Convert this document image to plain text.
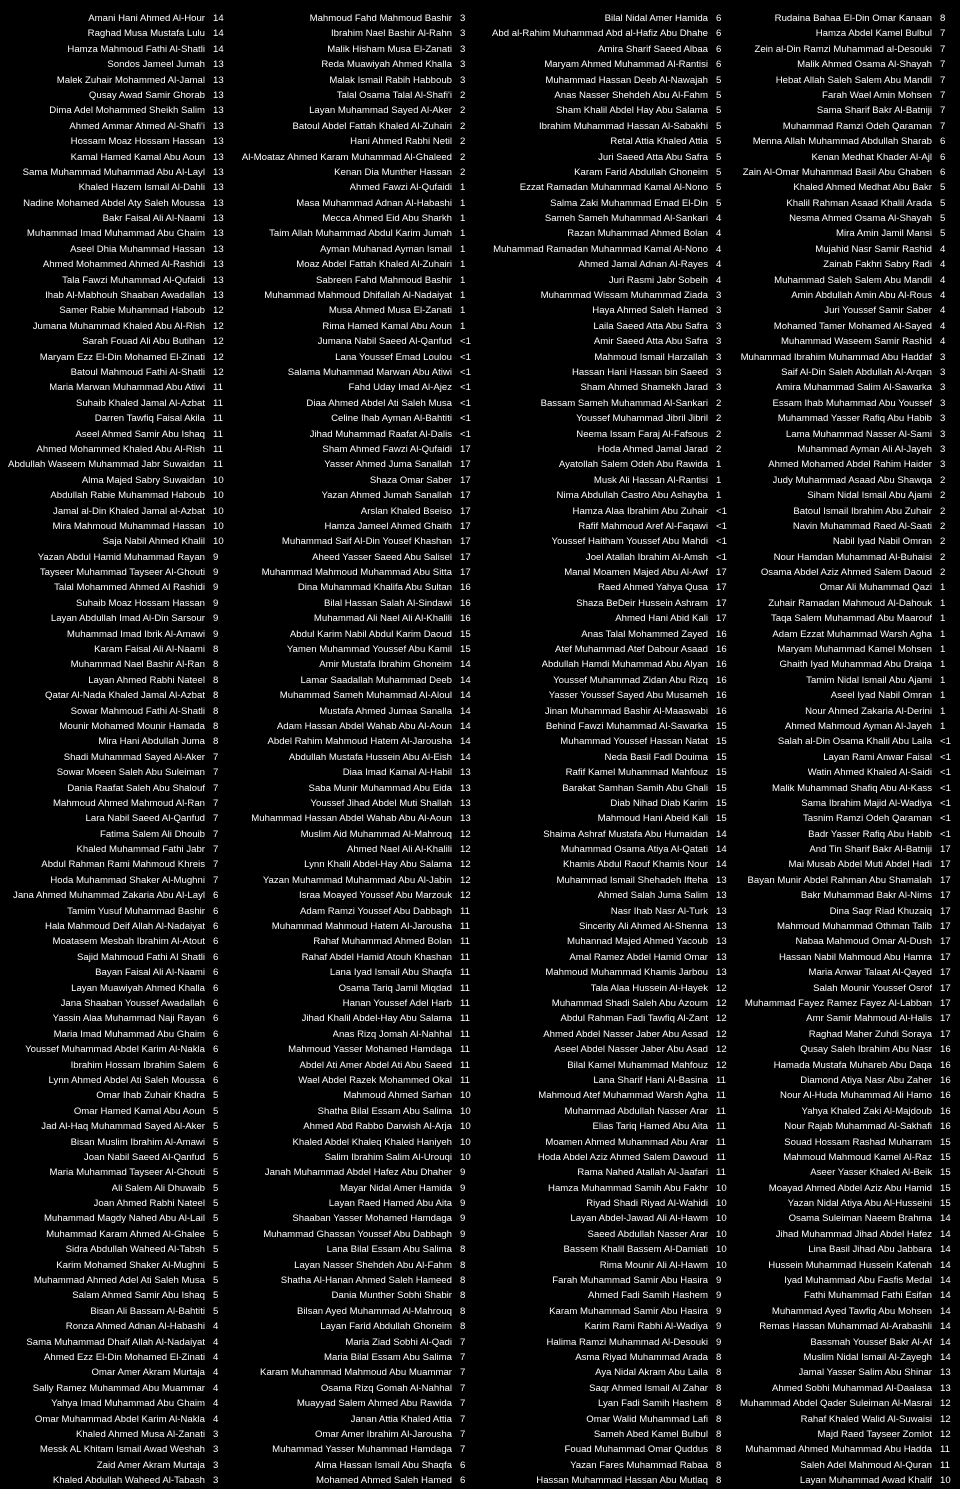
Amani Hani Ahmed Al-Hour 14
Raghad Musa Mustafa Lulu 14
Hamza Mahmoud Fathi Al-Shatli 14
Sondos Jameel Jumah 13
Malek Zuhair Mohammed Al-Jamal 13
Qusay Awad Samir Ghorab 13
Dima Adel Mohammed Sheikh Salim 13
Ahmed Ammar Ahmed Al-Shafi'i 13
Hossam Moaz Hossam Hassan 13
Kamal Hamed Kamal Abu Aoun 13
Sama Muhammad Muhammad Abu Al-Layl 13
Khaled Hazem Ismail Al-Dahli 13
Nadine Mohamed Abdel Aty Saleh Moussa 13
Bakr Faisal Ali Al-Naami 13
Muhammad Imad Muhammad Abu Ghaim 13
Aseel Dhia Muhammad Hassan 13
Ahmed Mohammed Ahmed Al-Rashidi 13
Tala Fawzi Muhammad Al-Qufaidi 13
Ihab Al-Mabhouh Shaaban Awadallah 13
Samer Rabie Muhammad Haboub 12
Jumana Muhammad Khaled Abu Al-Rish 12
Sarah Fouad Ali Abu Butihan 12
Maryam Ezz El-Din Mohamed El-Zinati 12
Batoul Mahmoud Fathi Al-Shatli 12
Maria Marwan Muhammad Abu Atiwi 11
Suhaib Khaled Jamal Al-Azbat 11
Darren Tawfiq Faisal Akila 11
Aseel Ahmed Samir Abu Ishaq 11
Ahmed Mohammed Khaled Abu Al-Rish 11
Abdullah Waseem Muhammad Jabr Suwaidan 11
Alma Majed Sabry Suwaidan 10
Abdullah Rabie Muhammad Haboub 10
Jamal al-Din Khaled Jamal al-Azbat 10
Mira Mahmoud Muhammad Hassan 10
Saja Nabil Ahmed Khalil 10
Yazan Abdul Hamid Muhammad Rayan 9
Tayseer Muhammad Tayseer Al-Ghouti 9
Talal Mohammed Ahmed Al Rashidi 9
Suhaib Moaz Hossam Hassan 9
Layan Abdullah Imad Al-Din Sarsour 9
Muhammad Imad Ibrik Al-Amawi 9
Karam Faisal Ali Al-Naami 8
Muhammad Nael Bashir Al-Ran 8
Layan Ahmed Rabhi Nateel 8
Qatar Al-Nada Khaled Jamal Al-Azbat 8
Sowar Mahmoud Fathi Al-Shatli 8
Mounir Mohamed Mounir Hamada 8
Mira Hani Abdullah Juma 8
Shadi Muhammad Sayed Al-Aker 7
Sowar Moeen Saleh Abu Suleiman 7
Dania Raafat Saleh Abu Shalouf 7
Mahmoud Ahmed Mahmoud Al-Ran 7
Lara Nabil Saeed Al-Qanfud 7
Fatima Salem Ali Dhouib 7
Khaled Muhammad Fathi Jabr 7
Abdul Rahman Rami Mahmoud Khreis 7
Hoda Muhammad Shaker Al-Mughni 7
Jana Ahmed Muhammad Zakaria Abu Al-Layl 6
Tamim Yusuf Muhammad Bashir 6
Hala Mahmoud Deif Allah Al-Nadaiyat 6
Moatasem Mesbah Ibrahim Al-Atout 6
Sajid Mahmoud Fathi Al Shatli 6
Bayan Faisal Ali Al-Naami 6
Layan Muawiyah Ahmed Khalla 6
Jana Shaaban Youssef Awadallah 6
Yassin Alaa Muhammad Naji Rayan 6
Maria Imad Muhammad Abu Ghaim 6
Youssef Muhammad Abdel Karim Al-Nakla 6
Ibrahim Hossam Ibrahim Salem 6
Lynn Ahmed Abdel Ati Saleh Moussa 6
Omar Ihab Zuhair Khadra 5
Omar Hamed Kamal Abu Aoun 5
Jad Al-Haq Muhammad Sayed Al-Aker 5
Bisan Muslim Ibrahim Al-Amawi 5
Joan Nabil Saeed Al-Qanfud 5
Maria Muhammad Tayseer Al-Ghouti 5
Ali Salem Ali Dhuwaib 5
Joan Ahmed Rabhi Nateel 5
Muhammad Magdy Nahed Abu Al-Lail 5
Muhammad Karam Ahmed Al-Ghalee 5
Sidra Abdullah Waheed Al-Tabsh 5
Karim Mohamed Shaker Al-Mughni 5
Muhammad Ahmed Adel Ati Saleh Musa 5
Salam Ahmed Samir Abu Ishaq 5
Bisan Ali Bassam Al-Bahtiti 5
Ronza Ahmed Adnan Al-Habashi 4
Sama Muhammad Dhaif Allah Al-Nadaiyat 4
Ahmed Ezz El-Din Mohamed El-Zinati 4
Omar Amer Akram Murtaja 4
Sally Ramez Muhammad Abu Muammar 4
Yahya Imad Muhammad Abu Ghaim 4
Omar Muhammad Abdel Karim Al-Nakla 4
Khaled Ahmed Musa Al-Zanati 3
Messk AL Khitam Ismail Awad Weshah 3
Zaid Amer Akram Murtaja 3
Khaled Abdullah Waheed Al-Tabash 3
Mahmoud Fahd Mahmoud Bashir 3
Ibrahim Nael Bashir Al-Rahn 3
Malik Hisham Musa El-Zanati 3
Reda Muawiyah Ahmed Khalla 3
Malak Ismail Rabih Habboub 3
Talal Osama Talal Al-Shafi'i 2
Layan Muhammad Sayed Al-Aker 2
Batoul Abdel Fattah Khaled Al-Zuhairi 2
Hani Ahmed Rabhi Netil 2
Al-Moataz Ahmed Karam Muhammad Al-Ghaleed 2
Kenan Dia Munther Hassan 2
Ahmed Fawzi Al-Qufaidi 1
Masa Muhammad Adnan Al-Habashi 1
Mecca Ahmed Eid Abu Sharkh 1
Taim Allah Muhammad Abdul Karim Jumah 1
Ayman Muhanad Ayman Ismail 1
Moaz Abdel Fattah Khaled Al-Zuhairi 1
Sabreen Fahd Mahmoud Bashir 1
Muhammad Mahmoud Dhifallah Al-Nadaiyat 1
Musa Ahmed Musa El-Zanati 1
Rima Hamed Kamal Abu Aoun 1
Jumana Nabil Saeed Al-Qanfud <1
Lana Youssef Emad Loulou <1
Salama Muhammad Marwan Abu Atiwi <1
Fahd Uday Imad Al-Ajez <1
Diaa Ahmed Abdel Ati Saleh Musa <1
Celine Ihab Ayman Al-Bahtiti <1
Jihad Muhammad Raafat Al-Dalis <1
Sham Ahmed Fawzi Al-Qufaidi 17
Yasser Ahmed Juma Sanallah 17
Shaza Omar Saber 17
Yazan Ahmed Jumah Sanallah 17
Arslan Khaled Bseiso 17
Hamza Jameel Ahmed Ghaith 17
Muhammad Saif Al-Din Yousef Khashan 17
Aheed Yasser Saeed Abu Salisel 17
Muhammad Mahmoud Muhammad Abu Sitta 17
Dina Muhammad Khalifa Abu Sultan 16
Bilal Hassan Salah Al-Sindawi 16
Muhammad Ali Nael Ali Al-Khalili 16
Abdul Karim Nabil Abdul Karim Daoud 15
Yamen Muhammad Youssef Abu Kamil 15
Amir Mustafa Ibrahim Ghoneim 14
Lamar Saadallah Muhammad Deeb 14
Muhammad Sameh Muhammad Al-Aloul 14
Mustafa Ahmed Jumaa Sanalla 14
Adam Hassan Abdel Wahab Abu Al-Aoun 14
Abdel Rahim Mahmoud Hatem Al-Jaroushа 14
Abdullah Mustafa Hussein Abu Al-Eish 14
Diaa Imad Kamal Al-Habil 13
Saba Munir Muhammad Abu Eida 13
Youssef Jihad Abdel Muti Shallah 13
Muhammad Hassan Abdel Wahab Abu Al-Aoun 13
Muslim Aid Muhammad Al-Mahrouq 12
Ahmed Nael Ali Al-Khalili 12
Lynn Khalil Abdel-Hay Abu Salama 12
Yazan Muhammad Muhammad Abu Al-Jabin 12
Israa Moayed Youssef Abu Marzouk 12
Adam Ramzi Youssef Abu Dabbagh 11
Muhammad Mahmoud Hatem Al-Jaroushа 11
Rahaf Muhammad Ahmed Bolan 11
Rahaf Abdel Hamid Atouh Khashan 11
Lana Iyad Ismail Abu Shaqfa 11
Osama Tariq Jamil Miqdad 11
Hanan Youssef Adel Harb 11
Jihad Khalil Abdel-Hay Abu Salama 11
Anas Rizq Jomah Al-Nahhal 11
Mahmoud Yasser Mohamed Hamdaga 11
Abdel Ati Amer Abdel Ati Abu Saeed 11
Wael Abdel Razek Mohammed Okal 11
Mahmoud Ahmed Sarhan 10
Shatha Bilal Essam Abu Salima 10
Ahmed Abd Rabbo Darwish Al-Arja 10
Khaled Abdel Khaleq Khaled Haniyeh 10
Salim Ibrahim Salim Al-Urouqi 10
Janah Muhammad Abdel Hafez Abu Dhaher 9
Mayar Nidal Amer Hamida 9
Layan Raed Hamed Abu Aita 9
Shaaban Yasser Mohamed Hamdaga 9
Muhammad Ghassan Youssef Abu Dabbagh 9
Lana Bilal Essam Abu Salima 8
Layan Nasser Shehdeh Abu Al-Fahm 8
Shatha Al-Hanan Ahmed Saleh Hameed 8
Dania Munther Sobhi Shabir 8
Bilsan Ayed Muhammad Al-Mahrouq 8
Layan Farid Abdullah Ghoneim 8
Maria Ziad Sobhi Al-Qadi 7
Maria Bilal Essam Abu Salima 7
Karam Muhammad Mahmoud Abu Muammar 7
Osama Rizq Gomah Al-Nahhal 7
Muayyad Salem Ahmed Abu Rawida 7
Janan Attia Khaled Attia 7
Omar Amer Ibrahim Al-Jaroushа 7
Muhammad Yasser Muhammad Hamdaga 7
Alma Hassan Ismail Abu Shaqfa 6
Mohamed Ahmed Saleh Hamed 6
Bilal Nidal Amer Hamida 6
Abd al-Rahim Muhammad Abd al-Hafiz Abu Dhahe 6
Amira Sharif Saeed Albaa 6
Maryam Ahmed Muhammad Al-Rantisi 6
Muhammad Hassan Deeb Al-Nawajah 5
Anas Nasser Shehdeh Abu Al-Fahm 5
Sham Khalil Abdel Hay Abu Salama 5
Ibrahim Muhammad Hassan Al-Sabakhi 5
Retal Attia Khaled Attia 5
Juri Saeed Atta Abu Safra 5
Karam Farid Abdullah Ghoneim 5
Ezzat Ramadan Muhammad Kamal Al-Nono 5
Salma Zaki Muhammad Emad El-Din 5
Sameh Sameh Muhammad Al-Sankari 4
Razan Muhammad Ahmed Bolan 4
Muhammad Ramadan Muhammad Kamal Al-Nono 4
Ahmed Jamal Adnan Al-Rayes 4
Juri Rasmi Jabr Sobeih 4
Muhammad Wissam Muhammad Ziada 3
Haya Ahmed Saleh Hamed 3
Laila Saeed Atta Abu Safra 3
Amir Saeed Atta Abu Safra 3
Mahmoud Ismail Harzallah 3
Hassan Hani Hassan bin Saeed 3
Sham Ahmed Shamekh Jarad 3
Bassam Sameh Muhammad Al-Sankari 2
Youssef Muhammad Jibril Jibril 2
Neema Issam Faraj Al-Fafsous 2
Hoda Ahmed Jamal Jarad 2
Ayatollah Salem Odeh Abu Rawida 1
Musk Ali Hassan Al-Rantisi 1
Nima Abdullah Castro Abu Ashayba 1
Hamza Alaa Ibrahim Abu Zuhair <1
Rafif Mahmoud Aref Al-Faqawi <1
Youssef Haitham Youssef Abu Mahdi <1
Joel Atallah Ibrahim Al-Amsh <1
Manal Moamen Majed Abu Al-Awf 17
Raed Ahmed Yahya Qusa 17
Shaza BeDeir Hussein Ashram 17
Ahmed Hani Abid Kali 17
Anas Talal Mohammed Zayed 16
Atef Muhammad Atef Dabour Asaad 16
Abdullah Hamdi Muhammad Abu Alyan 16
Youssef Muhammad Zidan Abu Rizq 16
Yasser Youssef Sayed Abu Musameh 16
Jinan Muhammad Bashir Al-Maaswabi 16
Behind Fawzi Muhammad Al-Sawarka 15
Muhammad Youssef Hassan Natat 15
Neda Basil Fadl Douima 15
Rafif Kamel Muhammad Mahfouz 15
Barakat Samhan Samih Abu Ghali 15
Diab Nihad Diab Karim 15
Mahmoud Hani Abeid Kali 15
Shaima Ashraf Mustafa Abu Humaidan 14
Muhammad Osama Atiya Al-Qatati 14
Khamis Abdul Raouf Khamis Nour 14
Muhammad Ismail Shehadeh Ifteha 13
Ahmed Salah Juma Salim 13
Nasr Ihab Nasr Al-Turk 13
Sincerity Ali Ahmed Al-Shenna 13
Muhannad Majed Ahmed Yacoub 13
Amal Ramez Abdel Hamid Omar 13
Mahmoud Muhammad Khamis Jarbou 13
Tala Alaa Hussein Al-Hayek 12
Muhammad Shadi Saleh Abu Azoum 12
Abdul Rahman Fadi Tawfiq Al-Zant 12
Ahmed Abdel Nasser Jaber Abu Assad 12
Aseel Abdel Nasser Jaber Abu Asad 12
Bilal Kamel Muhammad Mahfouz 12
Lana Sharif Hani Al-Basina 11
Mahmoud Atef Muhammad Warsh Agha 11
Muhammad Abdullah Nasser Arar 11
Elias Tariq Hamed Abu Aita 11
Moamen Ahmed Muhammad Abu Arar 11
Hoda Abdel Aziz Ahmed Salem Dawoud 11
Rama Nahed Atallah Al-Jaafari 11
Hamza Muhammad Samih Abu Fakhr 10
Riyad Shadi Riyad Al-Wahidi 10
Layan Abdel-Jawad Ali Al-Hawm 10
Saeed Abdullah Nasser Arar 10
Bassem Khalil Bassem Al-Damiati 10
Rima Mounir Ali Al-Hawm 10
Farah Muhammad Samir Abu Hasira 9
Ahmed Fadi Samih Hashem 9
Karam Muhammad Samir Abu Hasira 9
Karim Rami Rabhi Al-Wadiya 9
Halima Ramzi Muhammad Al-Desouki 9
Asma Riyad Muhammad Arada 8
Aya Nidal Akram Abu Laila 8
Saqr Ahmed Ismail Al Zahar 8
Lyan Fadi Samih Hashem 8
Omar Walid Muhammad Lafi 8
Sameh Abed Kamel Bulbul 8
Fouad Muhammad Omar Quddus 8
Yazan Fares Muhammad Rabaa 8
Hassan Muhammad Hassan Abu Mutlaq 8
Rudaina Bahaa El-Din Omar Kanaan 8
Hamza Abdel Kamel Bulbul 7
Zein al-Din Ramzi Muhammad al-Desouki 7
Malik Ahmed Osama Al-Shayah 7
Hebat Allah Saleh Salem Abu Mandil 7
Farah Wael Amin Mohsen 7
Sama Sharif Bakr Al-Batniji 7
Muhammad Ramzi Odeh Qaraman 7
Menna Allah Muhammad Abdullah Sharab 6
Kenan Medhat Khader Al-Ajl 6
Zain Al-Omar Muhammad Basil Abu Ghaben 6
Khaled Ahmed Medhat Abu Bakr 5
Khalil Rahman Asaad Khalil Arada 5
Nesma Ahmed Osama Al-Shayah 5
Mira Amin Jamil Mansi 5
Mujahid Nasr Samir Rashid 4
Zainab Fakhri Sabry Radi 4
Muhammad Saleh Salem Abu Mandil 4
Amin Abdullah Amin Abu Al-Rous 4
Juri Youssef Samir Saber 4
Mohamed Tamer Mohamed Al-Sayed 4
Muhammad Waseem Samir Rashid 4
Muhammad Ibrahim Muhammad Abu Haddaf 3
Saif Al-Din Saleh Abdullah Al-Arqan 3
Amira Muhammad Salim Al-Sawarka 3
Essam Ihab Muhammad Abu Youssef 3
Muhammad Yasser Rafiq Abu Habib 3
Lama Muhammad Nasser Al-Sami 3
Muhammad Ayman Ali Al-Jayeh 3
Ahmed Mohamed Abdel Rahim Haider 3
Judy Muhammad Asaad Abu Shawqa 2
Siham Nidal Ismail Abu Ajami 2
Batoul Ismail Ibrahim Abu Zuhair 2
Navin Muhammad Raed Al-Saati 2
Nabil Iyad Nabil Omran 2
Nour Hamdan Muhammad Al-Buhaisi 2
Osama Abdel Aziz Ahmed Salem Daoud 2
Omar Ali Muhammad Qazi 1
Zuhair Ramadan Mahmoud Al-Dahouk 1
Taqa Salem Muhammad Abu Maarouf 1
Adam Ezzat Muhammad Warsh Agha 1
Maryam Muhammad Kamel Mohsen 1
Ghaith Iyad Muhammad Abu Draiqa 1
Tamim Nidal Ismail Abu Ajami 1
Aseel Iyad Nabil Omran 1
Nour Ahmed Zakaria Al-Derini 1
Ahmed Mahmoud Ayman Al-Jayeh 1
Salah al-Din Osama Khalil Abu Laila <1
Layan Rami Anwar Faisal <1
Watin Ahmed Khaled Al-Saidi <1
Malik Muhammad Shafiq Abu Al-Kass <1
Sama Ibrahim Majid Al-Wadiya <1
Tasnim Ramzi Odeh Qaraman <1
Badr Yasser Rafiq Abu Habib <1
And Tin Sharif Bakr Al-Batniji 17
Mai Musab Abdel Muti Abdel Hadi 17
Bayan Munir Abdel Rahman Abu Shamalah 17
Bakr Muhammad Bakr Al-Nims 17
Dina Saqr Riad Khuzaiq 17
Mahmoud Muhammad Othman Talib 17
Nabaa Mahmoud Omar Al-Dush 17
Hassan Nabil Mahmoud Abu Hamra 17
Maria Anwar Talaat Al-Qayed 17
Salah Mounir Youssef Osrof 17
Muhammad Fayez Ramez Fayez Al-Labban 17
Amr Samir Mahmoud Al-Halis 17
Raghad Maher Zuhdi Soraya 17
Qusay Saleh Ibrahim Abu Nasr 16
Hamada Mustafa Muhareb Abu Daqa 16
Diamond Atiya Nasr Abu Zaher 16
Nour Al-Huda Muhammad Ali Hamo 16
Yahya Khaled Zaki Al-Majdoub 16
Nour Rajab Muhammad Al-Sakhafi 16
Souad Hossam Rashad Muharram 15
Mahmoud Mahmoud Kamel Al-Raz 15
Aseer Yasser Khaled Al-Beik 15
Moayad Ahmed Abdel Aziz Abu Hamid 15
Yazan Nidal Atiya Abu Al-Husseini 15
Osama Suleiman Naeem Brahma 14
Jihad Muhammad Jihad Abdel Hafez 14
Lina Basil Jihad Abu Jabbara 14
Hussein Muhammad Hussein Kafenah 14
Iyad Muhammad Abu Fasfis Medal 14
Fathi Muhammad Fathi Esifan 14
Muhammad Ayed Tawfiq Abu Mohsen 14
Remas Hassan Muhammad Al-Arabashli 14
Bassmah Youssef Bakr Al-Af 14
Muslim Nidal Ismail Al-Zayegh 14
Jamal Yasser Salim Abu Shinar 13
Ahmed Sobhi Muhammad Al-Daalasa 13
Muhammad Abdel Qader Suleiman Al-Masrai 12
Rahaf Khaled Walid Al-Suwaisi 12
Majd Raed Tayseer Zomlot 12
Muhammad Ahmed Muhammad Abu Hadda 11
Saleh Adel Mahmoud Al-Quran 11
Layan Muhammad Awad Khalif 10
